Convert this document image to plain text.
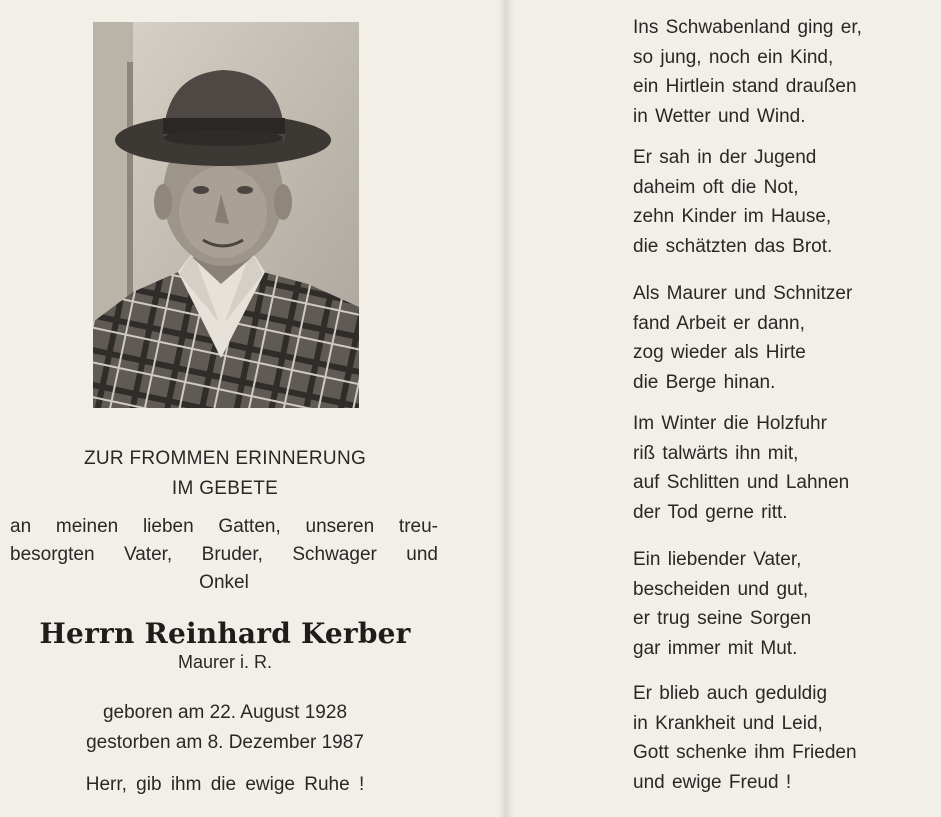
ZUR FROMMEN ERINNERUNG
IM GEBETE
an meinen lieben Gatten, unseren treu-
besorgten Vater, Bruder, Schwager und
Onkel
Herrn Reinhard Kerber
Maurer i. R.
geboren am 22. August 1928
gestorben am 8. Dezember 1987
Herr, gib ihm die ewige Ruhe !
Ins Schwabenland ging er,
so jung, noch ein Kind,
ein Hirtlein stand draußen
in Wetter und Wind.
Er sah in der Jugend
daheim oft die Not,
zehn Kinder im Hause,
die schätzten das Brot.
Als Maurer und Schnitzer
fand Arbeit er dann,
zog wieder als Hirte
die Berge hinan.
Im Winter die Holzfuhr
riß talwärts ihn mit,
auf Schlitten und Lahnen
der Tod gerne ritt.
Ein liebender Vater,
bescheiden und gut,
er trug seine Sorgen
gar immer mit Mut.
Er blieb auch geduldig
in Krankheit und Leid,
Gott schenke ihm Frieden
und ewige Freud !
